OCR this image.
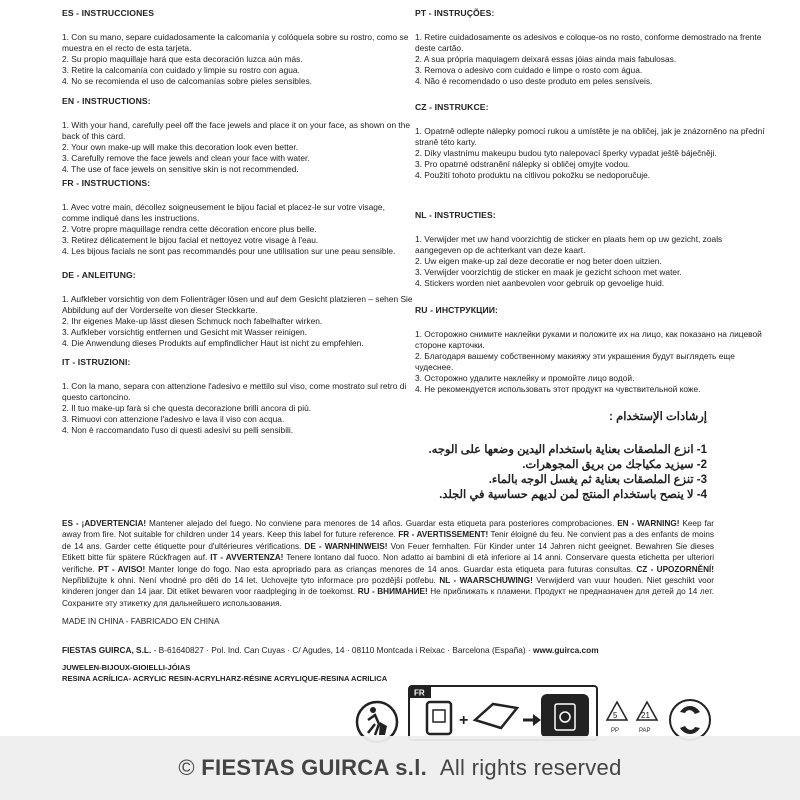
ES - INSTRUCCIONES

1. Con su mano, separe cuidadosamente la calcomanía y colóquela sobre su rostro, como se muestra en el recto de esta tarjeta.

2. Su propio maquillaje hará que esta decoración luzca aún más.

3. Retire la calcomanía con cuidado y limpie su rostro con agua.

4. No se recomienda el uso de calcomanías sobre pieles sensibles.

EN - INSTRUCTIONS:

1. With your hand, carefully peel off the face jewels and place it on your face, as shown on the back of this card.

2. Your own make-up will make this decoration look even better.

3. Carefully remove the face jewels and clean your face with water.

4. The use of face jewels on sensitive skin is not recommended.

FR - INSTRUCTIONS:

1. Avec votre main, décollez soigneusement le bijou facial et placez-le sur votre visage, comme indiqué dans les instructions.

2. Votre propre maquillage rendra cette décoration encore plus belle.

3. Retirez délicatement le bijou facial et nettoyez votre visage à l'eau.

4. Les bijous facials ne sont pas recommandés pour une utilisation sur une peau sensible.

DE - ANLEITUNG:

1. Aufkleber vorsichtig von dem Folienträger lösen und auf dem Gesicht platzieren – sehen Sie Abbildung auf der Vorderseite von dieser Steckkarte.

2. Ihr eigenes Make-up lässt diesen Schmuck noch fabelhafter wirken.

3. Aufkleber vorsichtig entfernen und Gesicht mit Wasser reinigen.

4. Die Anwendung dieses Produkts auf empfindlicher Haut ist nicht zu empfehlen.

IT - ISTRUZIONI:

1. Con la mano, separa con attenzione l'adesivo e mettilo sul viso, come mostrato sul retro di questo cartoncino.

2. Il tuo make-up farà sì che questa decorazione brilli ancora di più.

3. Rimuovi con attenzione l'adesivo e lava il viso con acqua.

4. Non è raccomandato l'uso di questi adesivi su pelli sensibili.

PT - INSTRUÇÕES:

1. Retire cuidadosamente os adesivos e coloque-os no rosto, conforme demostrado na frente deste cartão.

2. A sua própria maquiagem deixará essas jóias ainda mais fabulosas.

3. Remova o adesivo com cuidado e limpe o rosto com água.

4. Não é recomendado o uso deste produto em peles sensíveis.

CZ - INSTRUKCE:

1. Opatrně odlepte nálepky pomocí rukou a umístěte je na obličej, jak je znázorněno na přední straně této karty.

2. Díky vlastnímu makeupu budou tyto nalepovací šperky vypadat ještě báječněji.

3. Pro opatrné odstranění nálepky si obličej omyjte vodou.

4. Použití tohoto produktu na citlivou pokožku se nedoporučuje.

NL - INSTRUCTIES:

1. Verwijder met uw hand voorzichtig de sticker en plaats hem op uw gezicht, zoals aangegeven op de achterkant van deze kaart.

2. Uw eigen make-up zal deze decoratie er nog beter doen uitzien.

3. Verwijder voorzichtig de sticker en maak je gezicht schoon met water.

4. Stickers worden niet aanbevolen voor gebruik op gevoelige huid.

RU - ИНСТРУКЦИИ:

1. Осторожно снимите наклейки руками и положите их на лицо, как показано на лицевой стороне карточки.

2. Благодаря вашему собственному макияжу эти украшения будут выглядеть еще чудеснее.

3. Осторожно удалите наклейку и промойте лицо водой.

4. Не рекомендуется использовать этот продукт на чувствительной коже.

إرشادات الإستخدام :
1- انزع الملصقات بعناية باستخدام اليدين وضعها على الوجه.
2- سيزيد مكياجك من بريق المجوهرات.
3- تنزع الملصقات بعناية ثم يغسل الوجه بالماء.
4- لا ينصح باستخدام المنتج لمن لديهم حساسية في الجلد.
ES - ¡ADVERTENCIA! Mantener alejado del fuego. No conviene para menores de 14 años. Guardar esta etiqueta para posteriores comprobaciones. EN - WARNING! Keep far away from fire. Not suitable for children under 14 years. Keep this label for future reference. FR - AVERTISSEMENT! Tenir éloigné du feu. Ne convient pas a des enfants de moins de 14 ans. Garder cette étiquette pour d'ultérieures vérifications. DE - WARNHINWEIS! Von Feuer fernhalten. Für Kinder unter 14 Jahren nicht geeignet. Bewahren Sie dieses Etikett bitte für spätere Rückfragen auf. IT - AVVERTENZA! Tenere lontano dal fuoco. Non adatto ai bambini di età inferiore ai 14 anni. Conservare questa etichetta per ulteriori verifiche. PT - AVISO! Manter longe do fogo. Nao esta apropriado para as crianças menores de 14 anos. Guardar esta etiqueta para futuras consultas. CZ - UPOZORNĚNÍ! Nepřibližujte k ohni. Není vhodné pro děti do 14 let. Uchovejte tyto informace pro pozdější potřebu. NL - WAARSCHUWING! Verwijderd van vuur houden. Niet geschikt voor kinderen jonger dan 14 jaar. Dit etiket bewaren voor raadpleging in de toekomst. RU - ВНИМАНИЕ! Не приближать к пламени. Продукт не предназначен для детей до 14 лет. Сохраните эту этикетку для дальнейшего использования.
MADE IN CHINA - FABRICADO EN CHINA
FIESTAS GUIRCA, S.L. - B-61640827 · Pol. Ind. Can Cuyas · C/ Agudes, 14 · 08110 Montcada i Reixac · Barcelona (España) · www.guirca.com
JUWELEN-BIJOUX-GIOIELLI-JÓIAS
RESINA ACRÍLICA- ACRYLIC RESIN-ACRYLHARZ-RÉSINE ACRYLIQUE-RESINA ACRILICA
FR
+	5
PP
21
PAP
©
FIESTAS GUIRCA s.l.
All rights reserved
